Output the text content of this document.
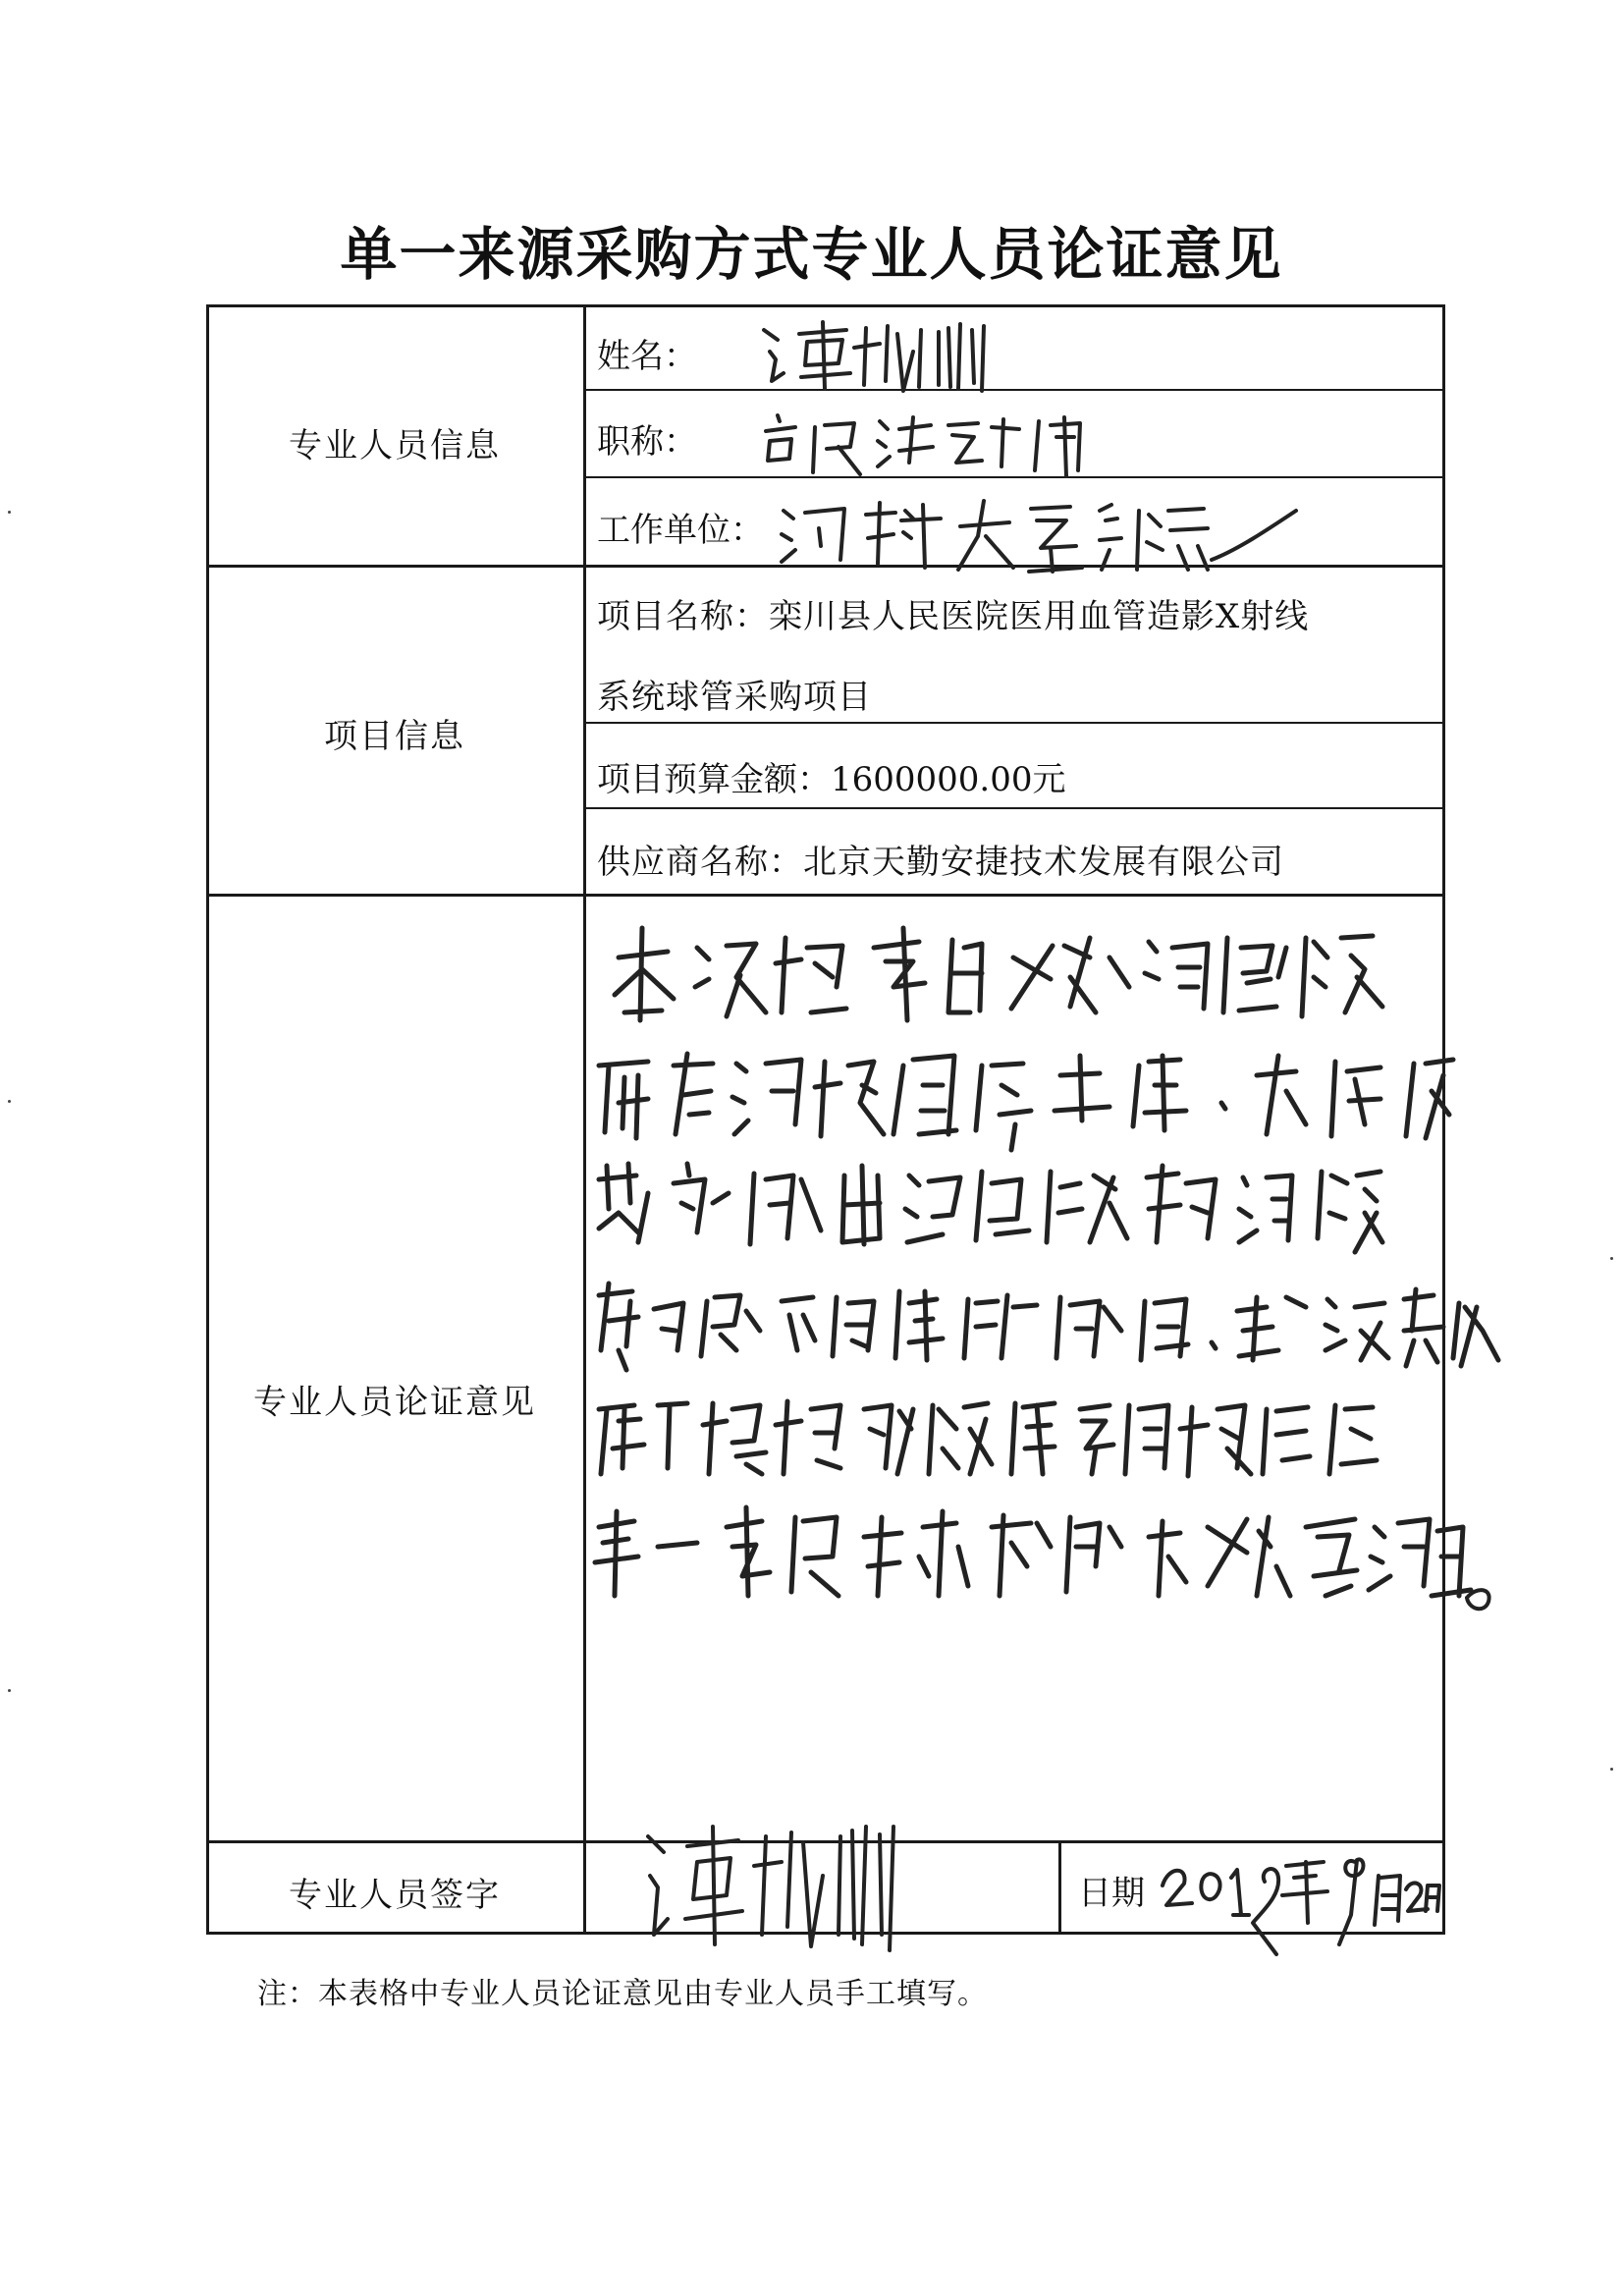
单一来源采购方式专业人员论证意见
专业人员信息
项目信息
专业人员论证意见
专业人员签字
姓名：
职称：
工作单位：
项目名称：栾川县人民医院医用血管造影X射线
系统球管采购项目
项目预算金额：1600000.00元
供应商名称：北京天勤安捷技术发展有限公司
日期
注：本表格中专业人员论证意见由专业人员手工填写。
